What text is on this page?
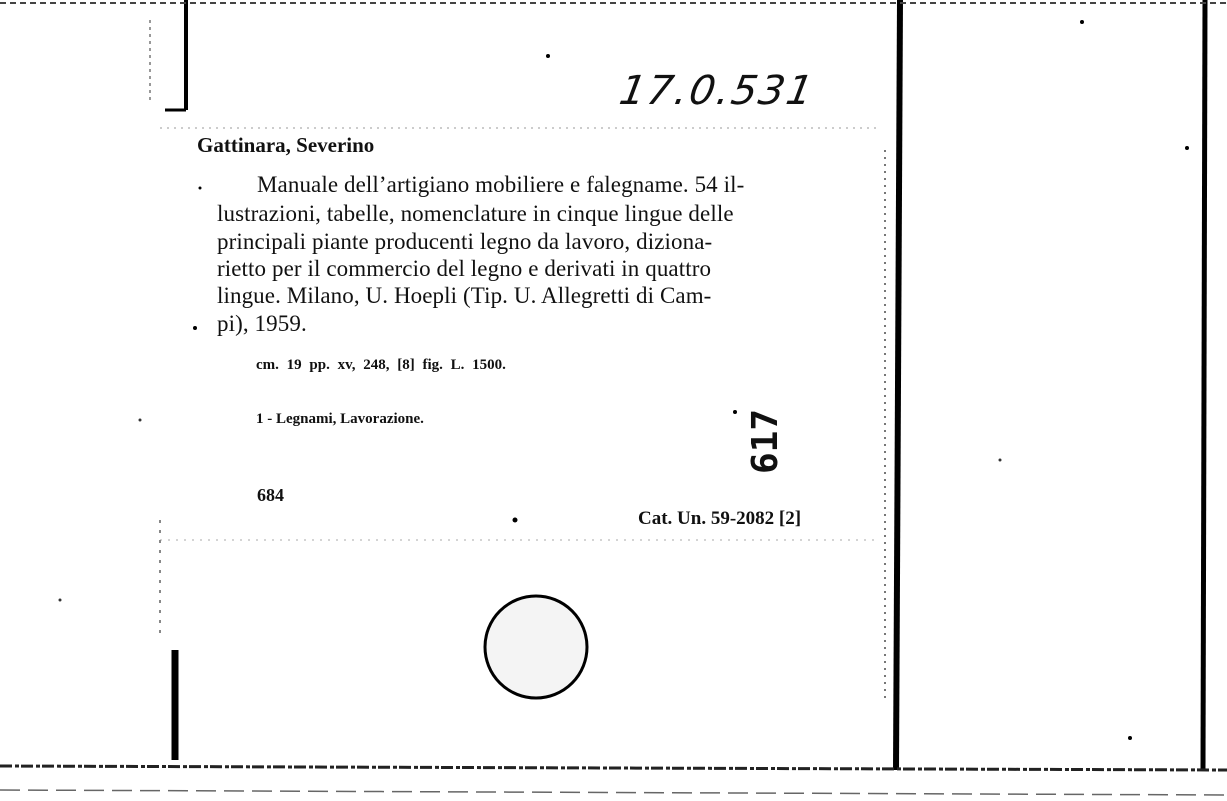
17.0.531
Gattinara, Severino
Manuale dell’artigiano mobiliere e falegname. 54 il-
lustrazioni, tabelle, nomenclature in cinque lingue delle
principali piante producenti legno da lavoro, diziona-
rietto per il commercio del legno e derivati in quattro
lingue. Milano, U. Hoepli (Tip. U. Allegretti di Cam-
pi), 1959.
cm. 19 pp. xv, 248, [8] fig. L. 1500.
1 - Legnami, Lavorazione.
684
Cat. Un. 59-2082 [2]
617
